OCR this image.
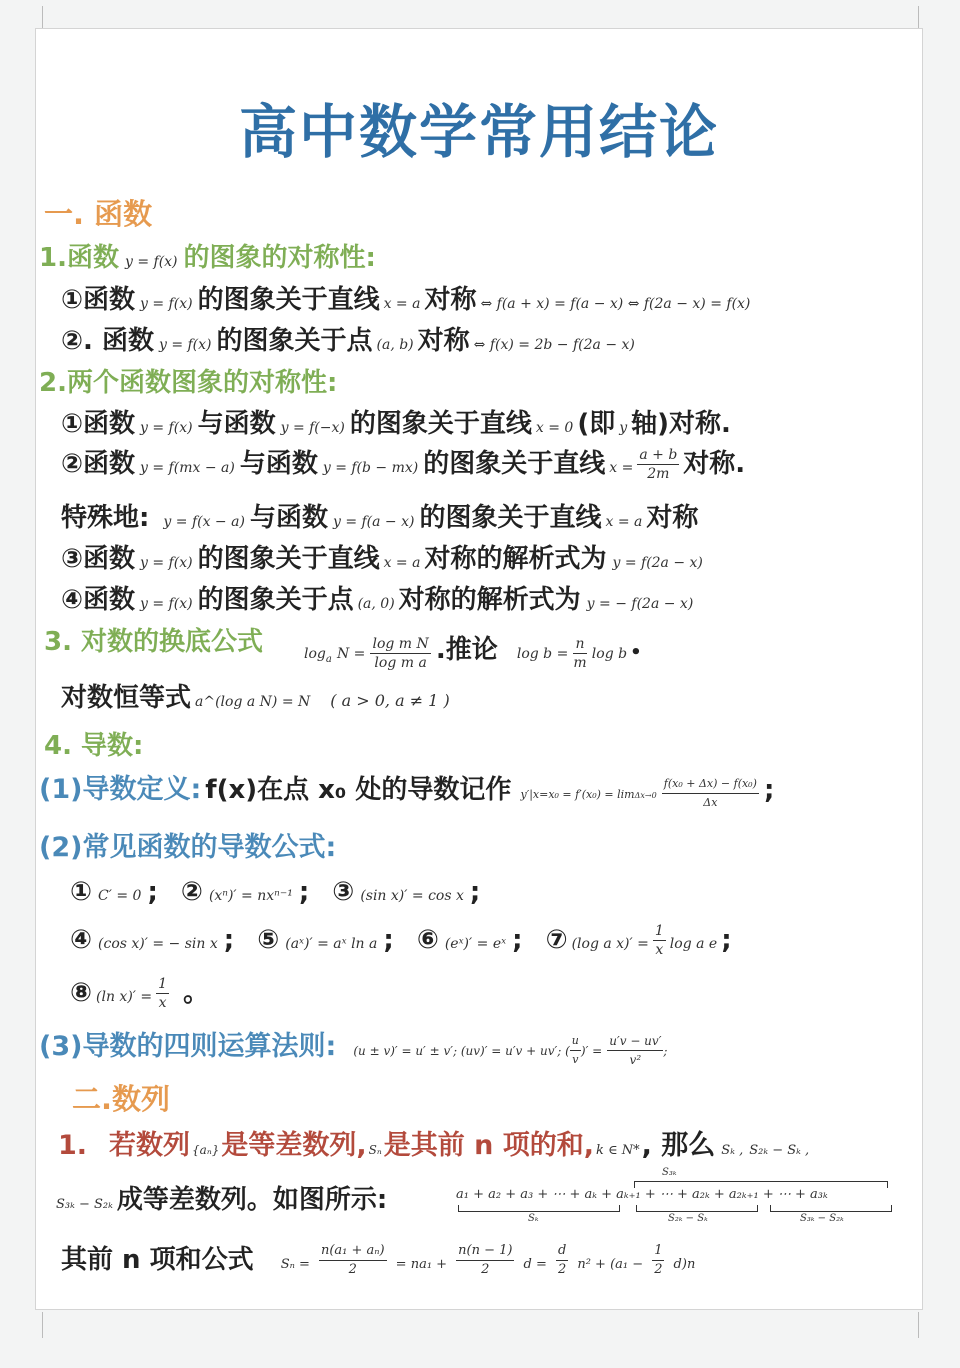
高中数学常用结论
一. 函数
1.函数 y = f(x) 的图象的对称性:
①函数 y = f(x) 的图象关于直线 x = a 对称 ⇔ f(a + x) = f(a − x) ⇔ f(2a − x) = f(x)
②. 函数 y = f(x) 的图象关于点 (a, b) 对称 ⇔ f(x) = 2b − f(2a − x)
2.两个函数图象的对称性:
①函数 y = f(x) 与函数 y = f(−x) 的图象关于直线 x = 0 (即 y 轴)对称.
②函数 y = f(mx − a) 与函数 y = f(b − mx) 的图象关于直线 $x = \frac{a + b}{2m}$ 对称.
特殊地: y = f(x − a) 与函数 y = f(a − x) 的图象关于直线 x = a 对称
③函数 y = f(x) 的图象关于直线 x = a 对称的解析式为 y = f(2a − x)
④函数 y = f(x) 的图象关于点 (a, 0) 对称的解析式为 y = − f(2a − x)
3. 对数的换底公式	$\log_a N = \frac{\text{log m N}}{\text{log m a}}$ .推论 $\log b = \frac{n}{m}$ log b •
对数恒等式 a^(log a N) = N ( a > 0, a ≠ 1 )
4. 导数:
(1)导数定义: f(x)在点 x₀ 处的导数记作 $y'|x=x_0 = f'(x_0) = \lim\Delta x\to 0 \frac{\text{f(x₀ + Δx) − f(x₀)}}{\Delta x}$ ;
(2)常见函数的导数公式:
① C′ = 0 ; ② (xⁿ)′ = nxⁿ⁻¹ ; ③ (sin x)′ = cos x ;
④ (cos x)′ = − sin x ; ⑤ (aˣ)′ = aˣ ln a ; ⑥ (eˣ)′ = eˣ ; ⑦ (log a $x)' = \frac{1}{x}$ log a e ;
⑧ (ln $x)' = \frac{1}{x}$ 。
(3)导数的四则运算法则: (u ± v)′ = u′ ± v′; (uv)′ = u′v + uv′; ( $\frac{u}{v}$ )′ = $\frac{u'v - uv'}{\text{v²}}$ ;
二.数列
1. 若数列 {aₙ}是等差数列, Sₙ是其前 n 项的和, k ∈ N*, 那么 Sₖ , S₂ₖ − Sₖ ,
S₃ₖ − S₂ₖ 成等差数列。如图所示:
S₃ₖ
a₁ + a₂ + a₃ + ⋯ + aₖ + aₖ₊₁ + ⋯ + a₂ₖ + a₂ₖ₊₁ + ⋯ + a₃ₖ
Sₖ	S₂ₖ − Sₖ	S₃ₖ − S₂ₖ
其前 n 项和公式 $S_n = \frac{\text{n(a₁ + aₙ)}}{2} = na_1 + \frac{n(n - 1)}{2}$ $d = \frac{d}{2} n^2 + (a_1 - \frac{1}{2} d)n$
